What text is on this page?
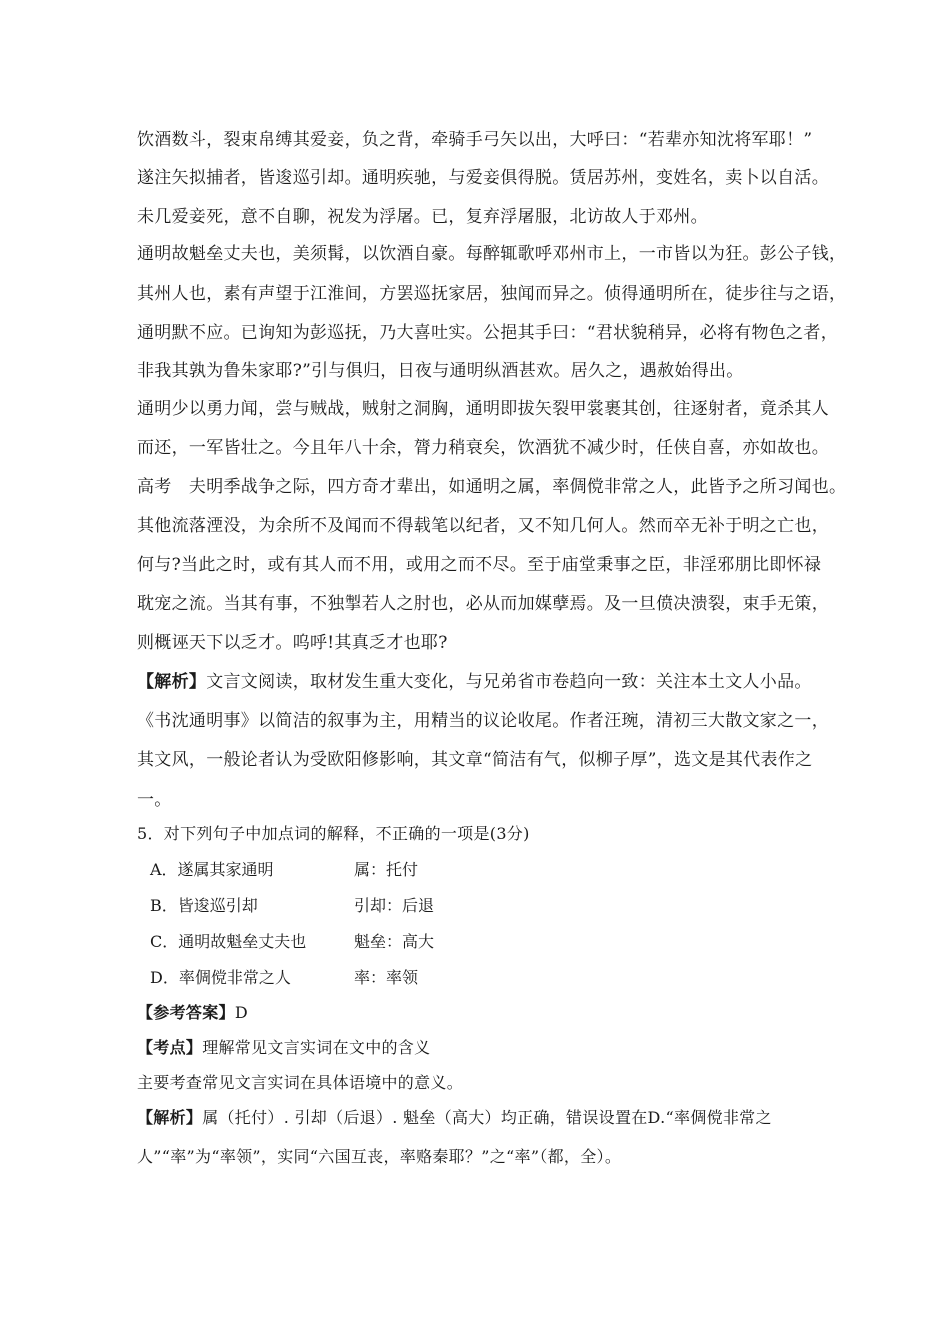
饮酒数斗，裂束帛缚其爱妾，负之背，牵骑手弓矢以出，大呼曰：“若辈亦知沈将军耶！”
遂注矢拟捕者，皆逡巡引却。通明疾驰，与爱妾俱得脱。赁居苏州，变姓名，卖卜以自活。
未几爱妾死，意不自聊，祝发为浮屠。已，复弃浮屠服，北访故人于邓州。
通明故魁垒丈夫也，美须髯，以饮酒自豪。每醉辄歌呼邓州市上，一市皆以为狂。彭公子钱，
其州人也，素有声望于江淮间，方罢巡抚家居，独闻而异之。侦得通明所在，徒步往与之语，
通明默不应。已询知为彭巡抚，乃大喜吐实。公挹其手曰：“君状貌稍异，必将有物色之者，
非我其孰为鲁朱家耶?”引与俱归，日夜与通明纵酒甚欢。居久之，遇赦始得出。
通明少以勇力闻，尝与贼战，贼射之洞胸，通明即拔矢裂甲裳裹其创，往逐射者，竟杀其人
而还，一军皆壮之。今且年八十余，膂力稍衰矣，饮酒犹不减少时，任侠自喜，亦如故也。
高考　夫明季战争之际，四方奇才辈出，如通明之属，率倜傥非常之人，此皆予之所习闻也。
其他流落湮没，为余所不及闻而不得载笔以纪者，又不知几何人。然而卒无补于明之亡也，
何与?当此之时，或有其人而不用，或用之而不尽。至于庙堂秉事之臣，非淫邪朋比即怀禄
耽宠之流。当其有事，不独掣若人之肘也，必从而加媒孽焉。及一旦偾决溃裂，束手无策，
则概诬天下以乏才。呜呼!其真乏才也耶?
【解析】文言文阅读，取材发生重大变化，与兄弟省市卷趋向一致：关注本土文人小品。
《书沈通明事》以简洁的叙事为主，用精当的议论收尾。作者汪琬，清初三大散文家之一，
其文风，一般论者认为受欧阳修影响，其文章“简洁有气，似柳子厚”，选文是其代表作之
一。
5．对下列句子中加点词的解释，不正确的一项是(3分)
A．遂属其家通明	属：托付
B．皆逡巡引却	引却：后退
C．通明故魁垒丈夫也	魁垒：高大
D．率倜傥非常之人	率：率领
【参考答案】D
【考点】理解常见文言实词在文中的含义
主要考查常见文言实词在具体语境中的意义。
【解析】属（托付）. 引却（后退）. 魁垒（高大）均正确，错误设置在D.“率倜傥非常之
人”“率”为“率领”，实同“六国互丧，率赂秦耶？”之“率”（都，全）。
